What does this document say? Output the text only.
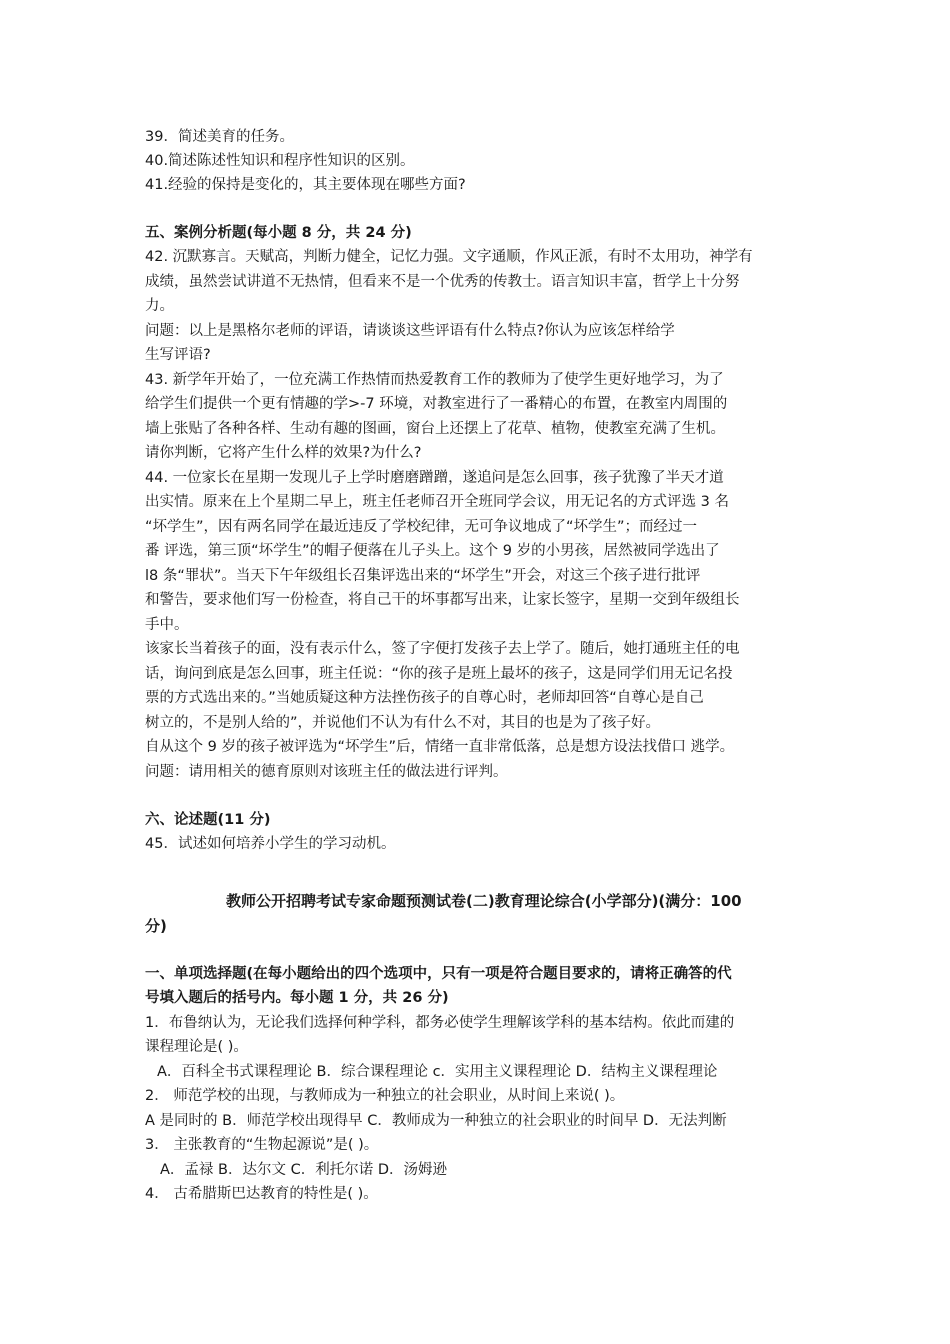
39．简述美育的任务。
40.简述陈述性知识和程序性知识的区别。
41.经验的保持是变化的，其主要体现在哪些方面?
五、案例分析题(每小题 8 分，共 24 分)
42. 沉默寡言。天赋高，判断力健全，记忆力强。文字通顺，作风正派，有时不太用功，神学有
成绩，虽然尝试讲道不无热情，但看来不是一个优秀的传教士。语言知识丰富，哲学上十分努
力。
问题：以上是黑格尔老师的评语，请谈谈这些评语有什么特点?你认为应该怎样给学
生写评语?
43. 新学年开始了，一位充满工作热情而热爱教育工作的教师为了使学生更好地学习，为了
给学生们提供一个更有情趣的学>-7 环境，对教室进行了一番精心的布置，在教室内周围的
墙上张贴了各种各样、生动有趣的图画，窗台上还摆上了花草、植物，使教室充满了生机。
请你判断，它将产生什么样的效果?为什么?
44. 一位家长在星期一发现儿子上学时磨磨蹭蹭，遂追问是怎么回事，孩子犹豫了半天才道
出实情。原来在上个星期二早上，班主任老师召开全班同学会议，用无记名的方式评选 3 名
“坏学生”，因有两名同学在最近违反了学校纪律，无可争议地成了“坏学生”；而经过一
番 评选，第三顶“坏学生”的帽子便落在儿子头上。这个 9 岁的小男孩，居然被同学选出了
l8 条“罪状”。当天下午年级组长召集评选出来的“坏学生”开会，对这三个孩子进行批评
和警告，要求他们写一份检查，将自己干的坏事都写出来，让家长签字，星期一交到年级组长
手中。
该家长当着孩子的面，没有表示什么，签了字便打发孩子去上学了。随后，她打通班主任的电
话，询问到底是怎么回事，班主任说：“你的孩子是班上最坏的孩子，这是同学们用无记名投
票的方式选出来的。”当她质疑这种方法挫伤孩子的自尊心时，老师却回答“自尊心是自己
树立的，不是别人给的”，并说他们不认为有什么不对，其目的也是为了孩子好。
自从这个 9 岁的孩子被评选为“坏学生”后，情绪一直非常低落，总是想方设法找借口 逃学。
问题：请用相关的德育原则对该班主任的做法进行评判。
六、论述题(11 分)
45．试述如何培养小学生的学习动机。
教师公开招聘考试专家命题预测试卷(二)教育理论综合(小学部分)(满分：100
分)
一、单项选择题(在每小题给出的四个选项中，只有一项是符合题目要求的，请将正确答的代
号填入题后的括号内。每小题 1 分，共 26 分)
1．布鲁纳认为，无论我们选择何种学科，都务必使学生理解该学科的基本结构。依此而建的
课程理论是( )。
A．百科全书式课程理论 B．综合课程理论 c．实用主义课程理论 D．结构主义课程理论
2． 师范学校的出现，与教师成为一种独立的社会职业，从时间上来说( )。
A 是同时的 B．师范学校出现得早 C．教师成为一种独立的社会职业的时间早 D．无法判断
3． 主张教育的“生物起源说”是( )。
A．孟禄 B．达尔文 C．利托尔诺 D．汤姆逊
4． 古希腊斯巴达教育的特性是( )。
